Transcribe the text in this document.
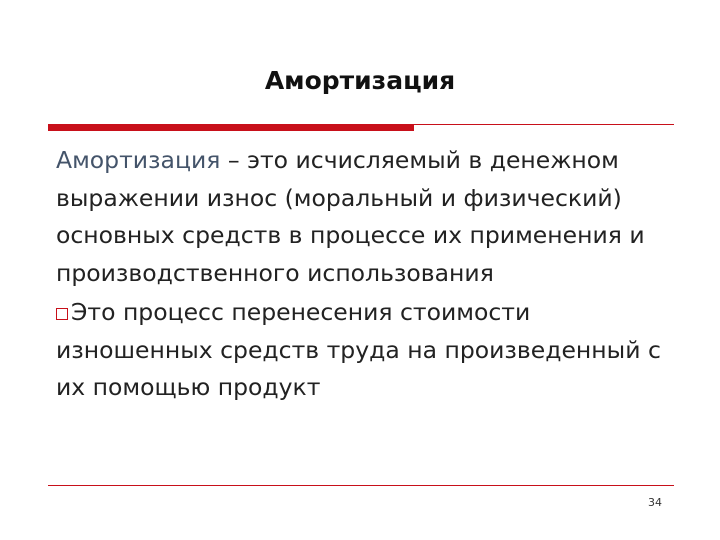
Амортизация
Амортизация – это исчисляемый в денежном выражении износ (моральный и физический) основных средств в процессе их применения и производственного использования
Это процесс перенесения стоимости изношенных средств труда на произведенный с их помощью продукт
34
